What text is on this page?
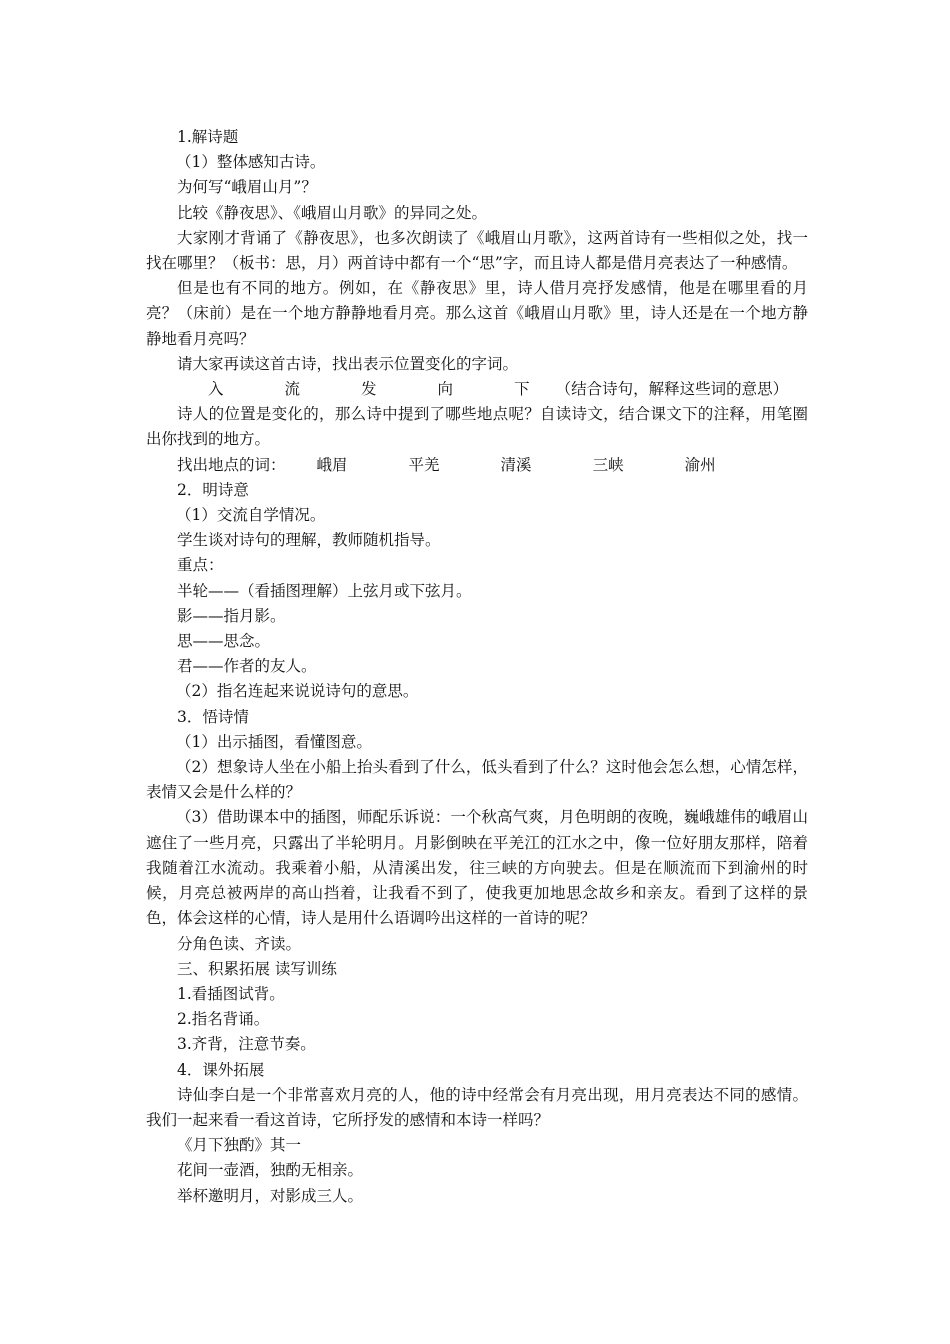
1.解诗题

（1）整体感知古诗。

为何写“峨眉山月”？

比较《静夜思》、《峨眉山月歌》的异同之处。

大家刚才背诵了《静夜思》，也多次朗读了《峨眉山月歌》，这两首诗有一些相似之处，找一找在哪里？（板书：思，月）两首诗中都有一个“思”字，而且诗人都是借月亮表达了一种感情。

但是也有不同的地方。例如，在《静夜思》里，诗人借月亮抒发感情，他是在哪里看的月亮？（床前）是在一个地方静静地看月亮。那么这首《峨眉山月歌》里，诗人还是在一个地方静静地看月亮吗？

请大家再读这首古诗，找出表示位置变化的字词。

入	流	发	向	下 （结合诗句，解释这些词的意思）

诗人的位置是变化的，那么诗中提到了哪些地点呢？自读诗文，结合课文下的注释，用笔圈出你找到的地方。

找出地点的词： 峨眉	平羌	清溪	三峡	渝州

2．明诗意

（1）交流自学情况。

学生谈对诗句的理解，教师随机指导。

重点：

半轮——（看插图理解）上弦月或下弦月。

影——指月影。

思——思念。

君——作者的友人。

（2）指名连起来说说诗句的意思。

3．悟诗情

（1）出示插图，看懂图意。

（2）想象诗人坐在小船上抬头看到了什么，低头看到了什么？这时他会怎么想，心情怎样，表情又会是什么样的？

（3）借助课本中的插图，师配乐诉说：一个秋高气爽，月色明朗的夜晚，巍峨雄伟的峨眉山遮住了一些月亮，只露出了半轮明月。月影倒映在平羌江的江水之中，像一位好朋友那样，陪着我随着江水流动。我乘着小船，从清溪出发，往三峡的方向驶去。但是在顺流而下到渝州的时候，月亮总被两岸的高山挡着，让我看不到了，使我更加地思念故乡和亲友。看到了这样的景色，体会这样的心情，诗人是用什么语调吟出这样的一首诗的呢？

分角色读、齐读。

三、积累拓展 读写训练

1.看插图试背。

2.指名背诵。

3.齐背，注意节奏。

4．课外拓展

诗仙李白是一个非常喜欢月亮的人，他的诗中经常会有月亮出现，用月亮表达不同的感情。我们一起来看一看这首诗，它所抒发的感情和本诗一样吗？

《月下独酌》其一

花间一壶酒，独酌无相亲。

举杯邀明月，对影成三人。
